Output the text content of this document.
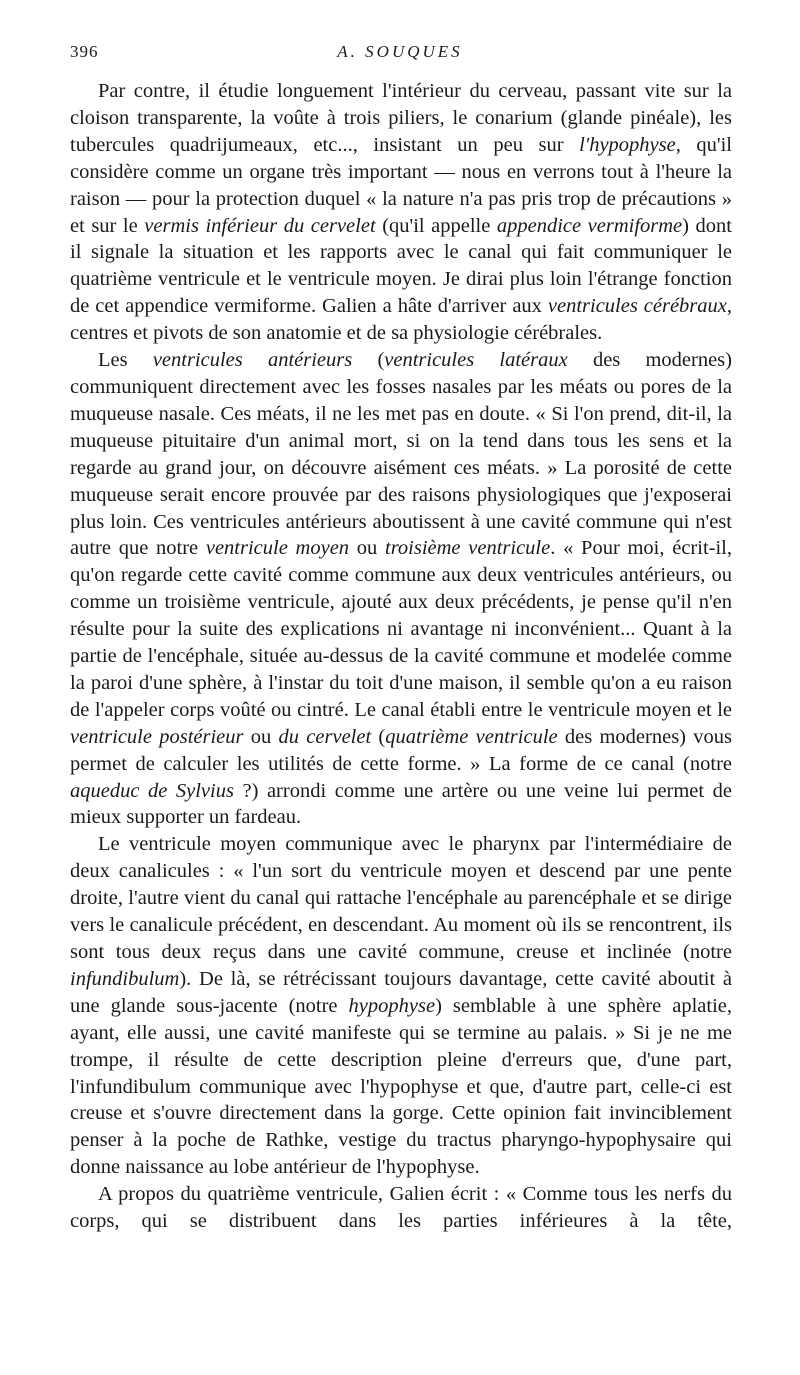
396	A. SOUQUES

Par contre, il étudie longuement l'intérieur du cerveau, passant vite sur la cloison transparente, la voûte à trois piliers, le conarium (glande pinéale), les tubercules quadrijumeaux, etc..., insistant un peu sur l'hypophyse, qu'il considère comme un organe très important — nous en verrons tout à l'heure la raison — pour la protection duquel « la nature n'a pas pris trop de précautions » et sur le vermis inférieur du cervelet (qu'il appelle appendice vermiforme) dont il signale la situation et les rapports avec le canal qui fait communiquer le quatrième ventricule et le ventricule moyen. Je dirai plus loin l'étrange fonction de cet appendice vermiforme. Galien a hâte d'arriver aux ventricules cérébraux, centres et pivots de son anatomie et de sa physiologie cérébrales.

Les ventricules antérieurs (ventricules latéraux des modernes) communiquent directement avec les fosses nasales par les méats ou pores de la muqueuse nasale. Ces méats, il ne les met pas en doute. « Si l'on prend, dit-il, la muqueuse pituitaire d'un animal mort, si on la tend dans tous les sens et la regarde au grand jour, on découvre aisément ces méats. » La porosité de cette muqueuse serait encore prouvée par des raisons physiologiques que j'exposerai plus loin. Ces ventricules antérieurs aboutissent à une cavité commune qui n'est autre que notre ventricule moyen ou troisième ventricule. « Pour moi, écrit-il, qu'on regarde cette cavité comme commune aux deux ventricules antérieurs, ou comme un troisième ventricule, ajouté aux deux précédents, je pense qu'il n'en résulte pour la suite des explications ni avantage ni inconvénient... Quant à la partie de l'encéphale, située au-dessus de la cavité commune et modelée comme la paroi d'une sphère, à l'instar du toit d'une maison, il semble qu'on a eu raison de l'appeler corps voûté ou cintré. Le canal établi entre le ventricule moyen et le ventricule postérieur ou du cervelet (quatrième ventricule des modernes) vous permet de calculer les utilités de cette forme. » La forme de ce canal (notre aqueduc de Sylvius ?) arrondi comme une artère ou une veine lui permet de mieux supporter un fardeau.

Le ventricule moyen communique avec le pharynx par l'intermédiaire de deux canalicules : « l'un sort du ventricule moyen et descend par une pente droite, l'autre vient du canal qui rattache l'encéphale au parencéphale et se dirige vers le canalicule précédent, en descendant. Au moment où ils se rencontrent, ils sont tous deux reçus dans une cavité commune, creuse et inclinée (notre infundibulum). De là, se rétrécissant toujours davantage, cette cavité aboutit à une glande sous-jacente (notre hypophyse) semblable à une sphère aplatie, ayant, elle aussi, une cavité manifeste qui se termine au palais. » Si je ne me trompe, il résulte de cette description pleine d'erreurs que, d'une part, l'infundibulum communique avec l'hypophyse et que, d'autre part, celle-ci est creuse et s'ouvre directement dans la gorge. Cette opinion fait invinciblement penser à la poche de Rathke, vestige du tractus pharyngo-hypophysaire qui donne naissance au lobe antérieur de l'hypophyse.

A propos du quatrième ventricule, Galien écrit : « Comme tous les nerfs du corps, qui se distribuent dans les parties inférieures à la tête,
